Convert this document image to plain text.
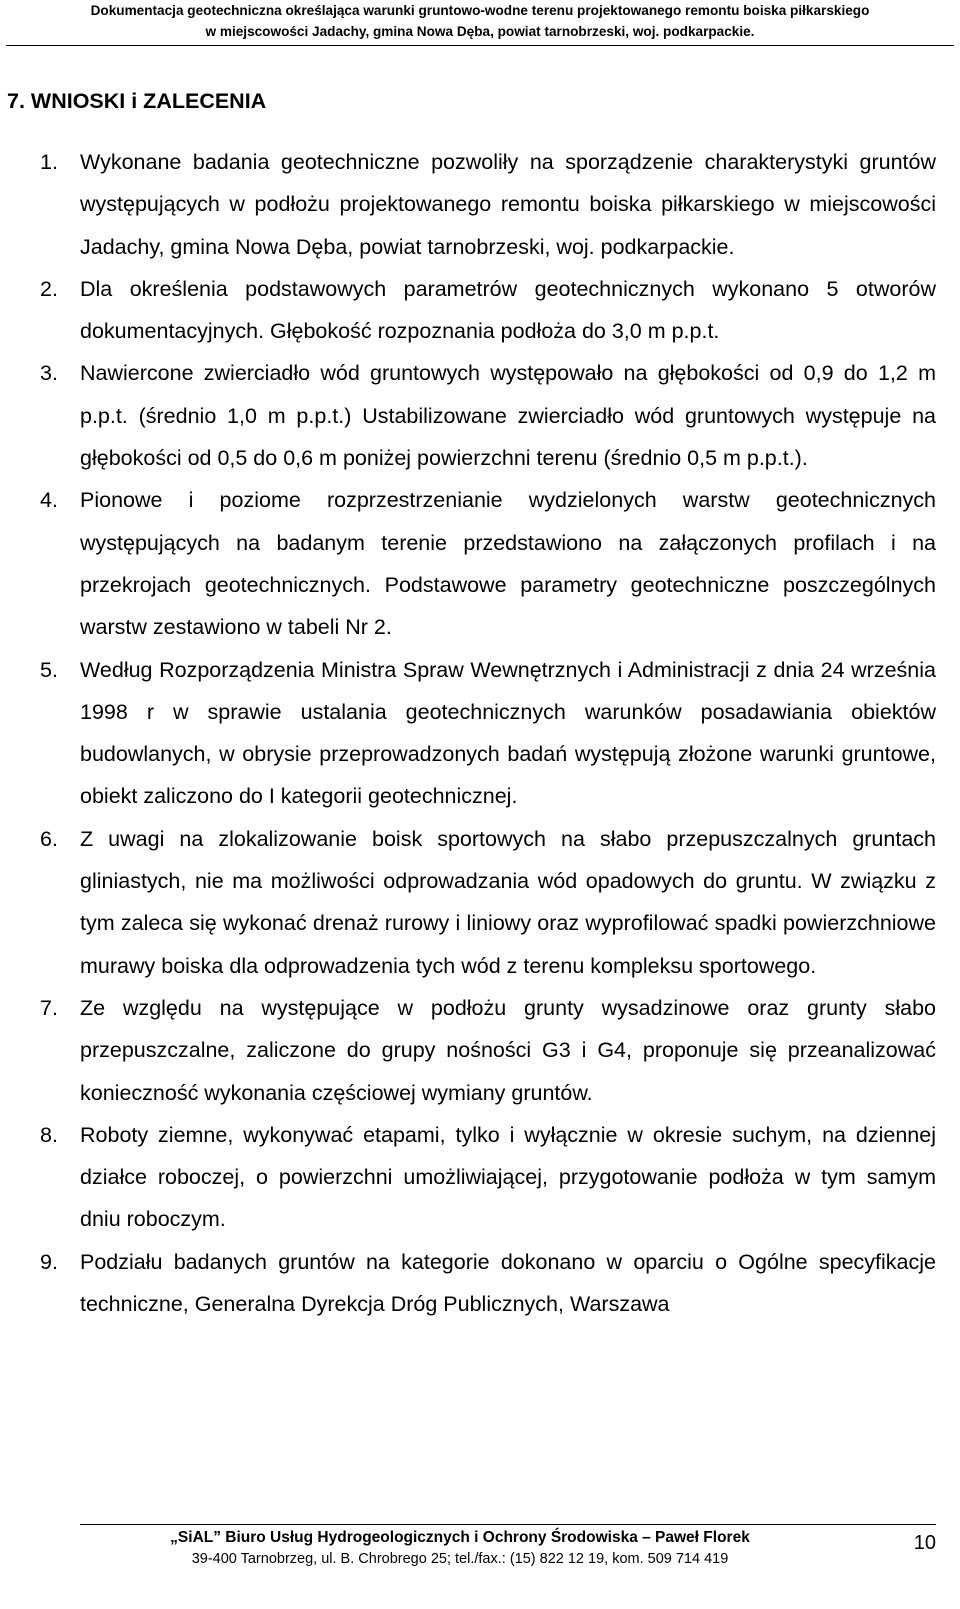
Dokumentacja geotechniczna określająca warunki gruntowo-wodne terenu projektowanego remontu boiska piłkarskiego
w miejscowości Jadachy, gmina Nowa Dęba, powiat tarnobrzeski, woj. podkarpackie.
7. WNIOSKI i ZALECENIA
1. Wykonane badania geotechniczne pozwoliły na sporządzenie charakterystyki gruntów występujących w podłożu projektowanego remontu boiska piłkarskiego w miejscowości Jadachy, gmina Nowa Dęba, powiat tarnobrzeski, woj. podkarpackie.
2. Dla określenia podstawowych parametrów geotechnicznych wykonano 5 otworów dokumentacyjnych. Głębokość rozpoznania podłoża do 3,0 m p.p.t.
3. Nawiercone zwierciadło wód gruntowych występowało na głębokości od 0,9 do 1,2 m p.p.t. (średnio 1,0 m p.p.t.) Ustabilizowane zwierciadło wód gruntowych występuje na głębokości od 0,5 do 0,6 m poniżej powierzchni terenu (średnio 0,5 m p.p.t.).
4. Pionowe i poziome rozprzestrzenianie wydzielonych warstw geotechnicznych występujących na badanym terenie przedstawiono na załączonych profilach i na przekrojach geotechnicznych. Podstawowe parametry geotechniczne poszczególnych warstw zestawiono w tabeli Nr 2.
5. Według Rozporządzenia Ministra Spraw Wewnętrznych i Administracji z dnia 24 września 1998 r w sprawie ustalania geotechnicznych warunków posadawiania obiektów budowlanych, w obrysie przeprowadzonych badań występują złożone warunki gruntowe, obiekt zaliczono do I kategorii geotechnicznej.
6. Z uwagi na zlokalizowanie boisk sportowych na słabo przepuszczalnych gruntach gliniastych, nie ma możliwości odprowadzania wód opadowych do gruntu. W związku z tym zaleca się wykonać drenaż rurowy i liniowy oraz wyprofilować spadki powierzchniowe murawy boiska dla odprowadzenia tych wód z terenu kompleksu sportowego.
7. Ze względu na występujące w podłożu grunty wysadzinowe oraz grunty słabo przepuszczalne, zaliczone do grupy nośności G3 i G4, proponuje się przeanalizować konieczność wykonania częściowej wymiany gruntów.
8. Roboty ziemne, wykonywać etapami, tylko i wyłącznie w okresie suchym, na dziennej działce roboczej, o powierzchni umożliwiającej, przygotowanie podłoża w tym samym dniu roboczym.
9. Podziału badanych gruntów na kategorie dokonano w oparciu o Ogólne specyfikacje techniczne, Generalna Dyrekcja Dróg Publicznych, Warszawa
„SiAL” Biuro Usług Hydrogeologicznych i Ochrony Środowiska – Paweł Florek
39-400 Tarnobrzeg, ul. B. Chrobrego 25; tel./fax.: (15) 822 12 19, kom. 509 714 419
10
